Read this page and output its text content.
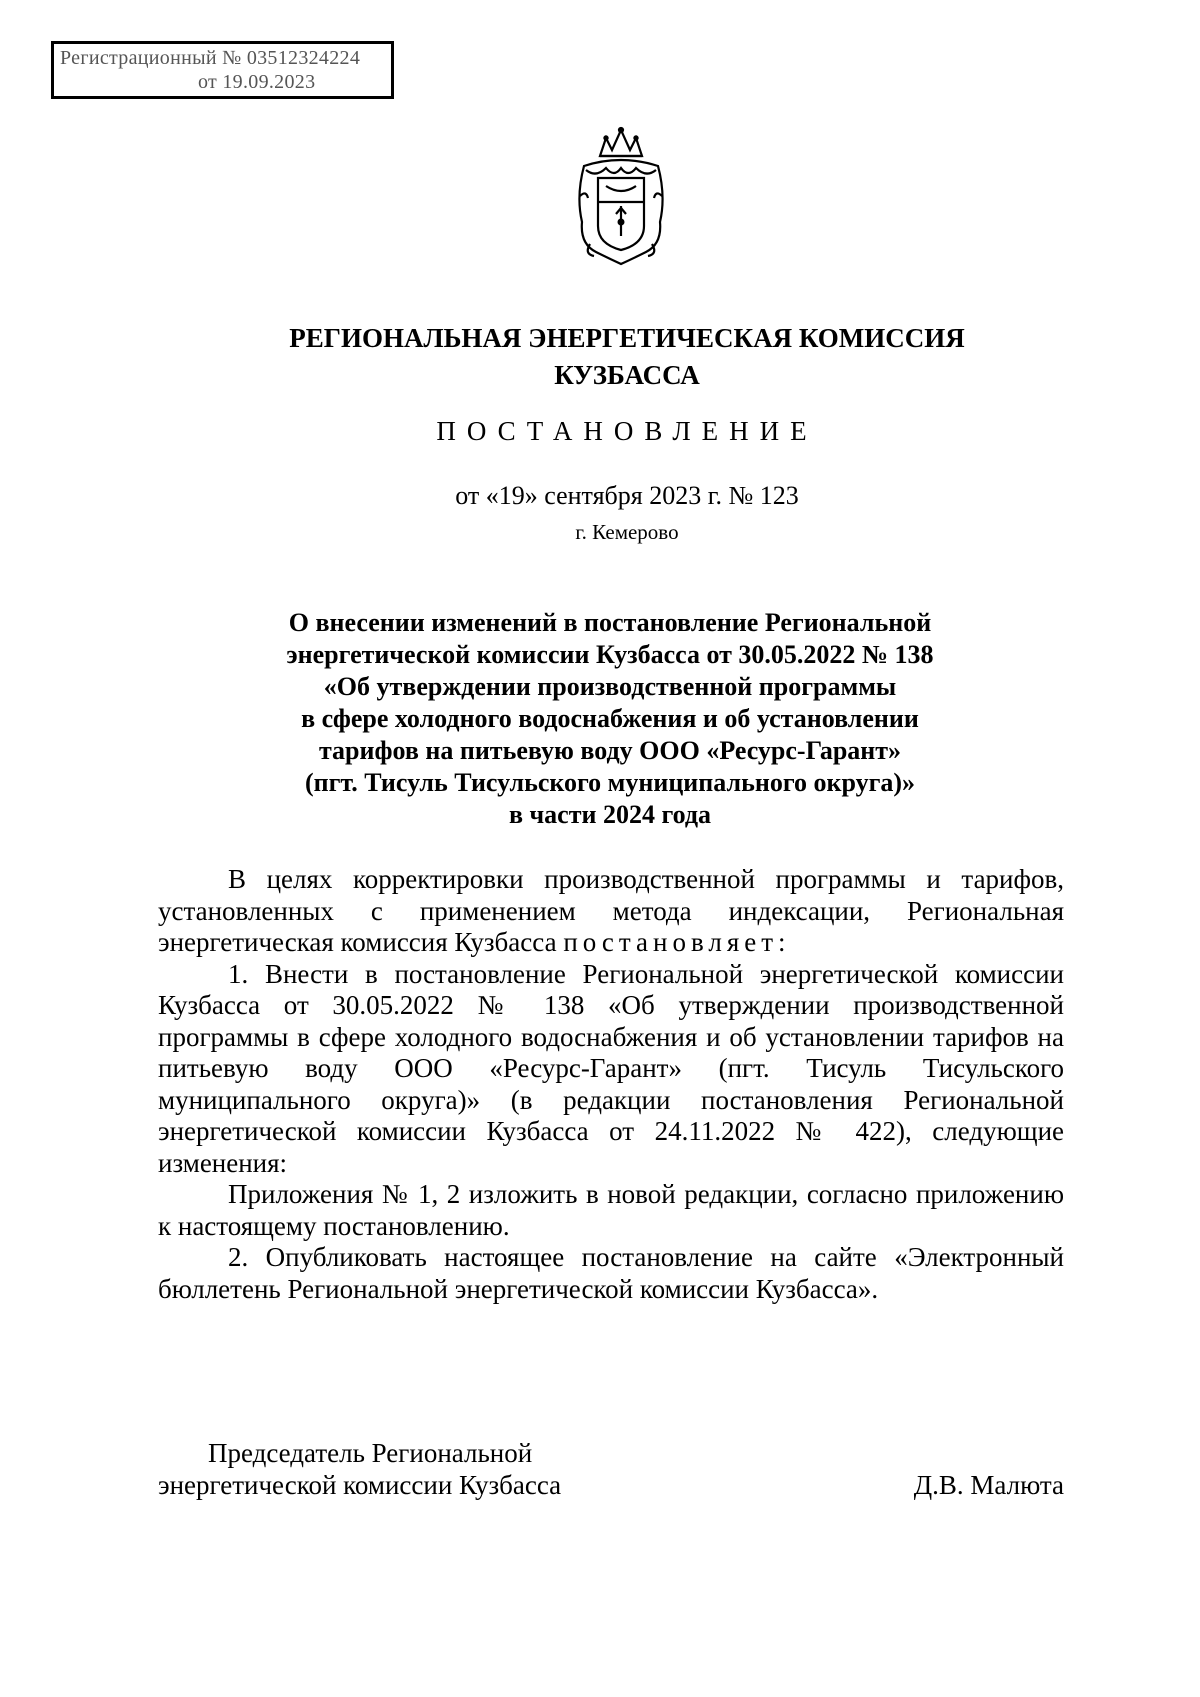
Регистрационный № 03512324224
от 19.09.2023
РЕГИОНАЛЬНАЯ ЭНЕРГЕТИЧЕСКАЯ КОМИССИЯ
КУЗБАССА
ПОСТАНОВЛЕНИЕ
от «19» сентября 2023 г. № 123
г. Кемерово
О внесении изменений в постановление Региональной
энергетической комиссии Кузбасса от 30.05.2022 № 138
«Об утверждении производственной программы
в сфере холодного водоснабжения и об установлении
тарифов на питьевую воду ООО «Ресурс-Гарант»
(пгт. Тисуль Тисульского муниципального округа)»
в части 2024 года

В целях корректировки производственной программы и тарифов, установленных с применением метода индексации, Региональная энергетическая комиссия Кузбасса постановляет:

1. Внести в постановление Региональной энергетической комиссии Кузбасса от 30.05.2022 № 138 «Об утверждении производственной программы в сфере холодного водоснабжения и об установлении тарифов на питьевую воду ООО «Ресурс-Гарант» (пгт. Тисуль Тисульского муниципального округа)» (в редакции постановления Региональной энергетической комиссии Кузбасса от 24.11.2022 № 422), следующие изменения:

Приложения № 1, 2 изложить в новой редакции, согласно приложению к настоящему постановлению.

2. Опубликовать настоящее постановление на сайте «Электронный бюллетень Региональной энергетической комиссии Кузбасса».

Председатель Региональной
энергетической комиссии Кузбасса	Д.В. Малюта
